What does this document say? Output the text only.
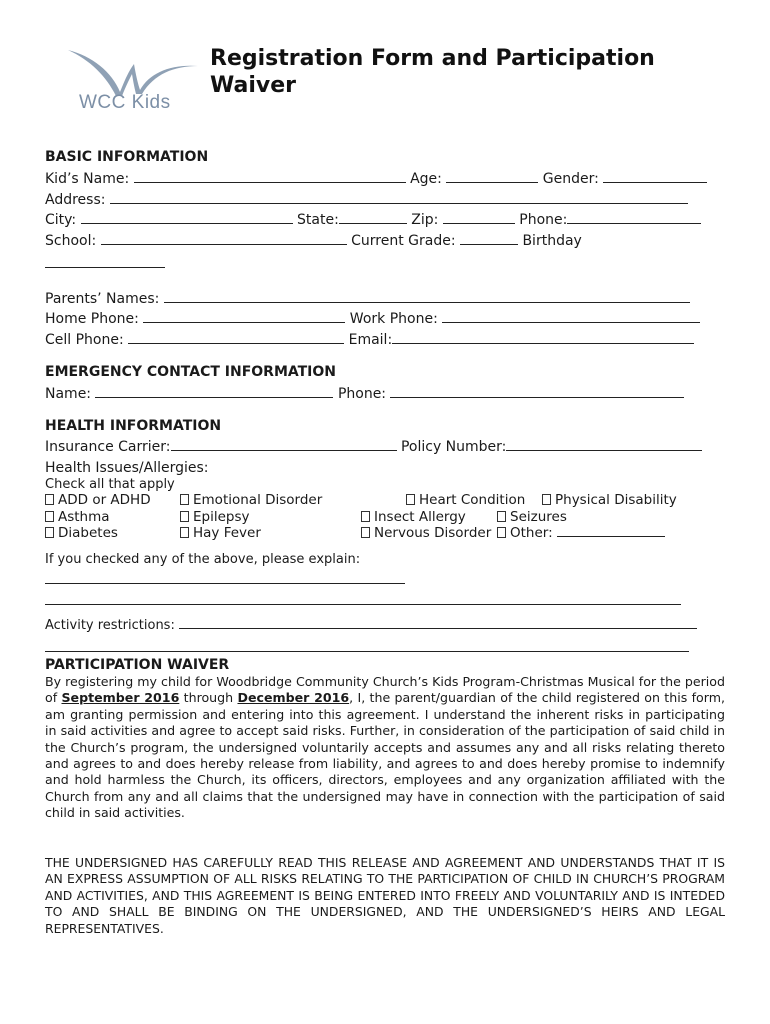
WCC Kids
Registration Form and Participation Waiver
BASIC INFORMATION
Kid’s Name:	Age:	Gender:
Address:
City:	State:	Zip:	Phone:
School:	Current Grade:	Birthday
Parents’ Names:
Home Phone:	Work Phone:
Cell Phone:	Email:
EMERGENCY CONTACT INFORMATION
Name:	Phone:
HEALTH INFORMATION
Insurance Carrier:	Policy Number:
Health Issues/Allergies:
Check all that apply
ADD or ADHD	Emotional Disorder	Heart Condition	Physical Disability
Asthma	Epilepsy	Insect Allergy	Seizures
Diabetes	Hay Fever	Nervous Disorder	Other:
If you checked any of the above, please explain:
Activity restrictions:
PARTICIPATION WAIVER
By registering my child for Woodbridge Community Church’s Kids Program-Christmas Musical for the period of September 2016 through December 2016, I, the parent/guardian of the child registered on this form, am granting permission and entering into this agreement. I understand the inherent risks in participating in said activities and agree to accept said risks. Further, in consideration of the participation of said child in the Church’s program, the undersigned voluntarily accepts and assumes any and all risks relating thereto and agrees to and does hereby release from liability, and agrees to and does hereby promise to indemnify and hold harmless the Church, its officers, directors, employees and any organization affiliated with the Church from any and all claims that the undersigned may have in connection with the participation of said child in said activities.
THE UNDERSIGNED HAS CAREFULLY READ THIS RELEASE AND AGREEMENT AND UNDERSTANDS THAT IT IS AN EXPRESS ASSUMPTION OF ALL RISKS RELATING TO THE PARTICIPATION OF CHILD IN CHURCH’S PROGRAM AND ACTIVITIES, AND THIS AGREEMENT IS BEING ENTERED INTO FREELY AND VOLUNTARILY AND IS INTEDED TO AND SHALL BE BINDING ON THE UNDERSIGNED, AND THE UNDERSIGNED’S HEIRS AND LEGAL REPRESENTATIVES.
